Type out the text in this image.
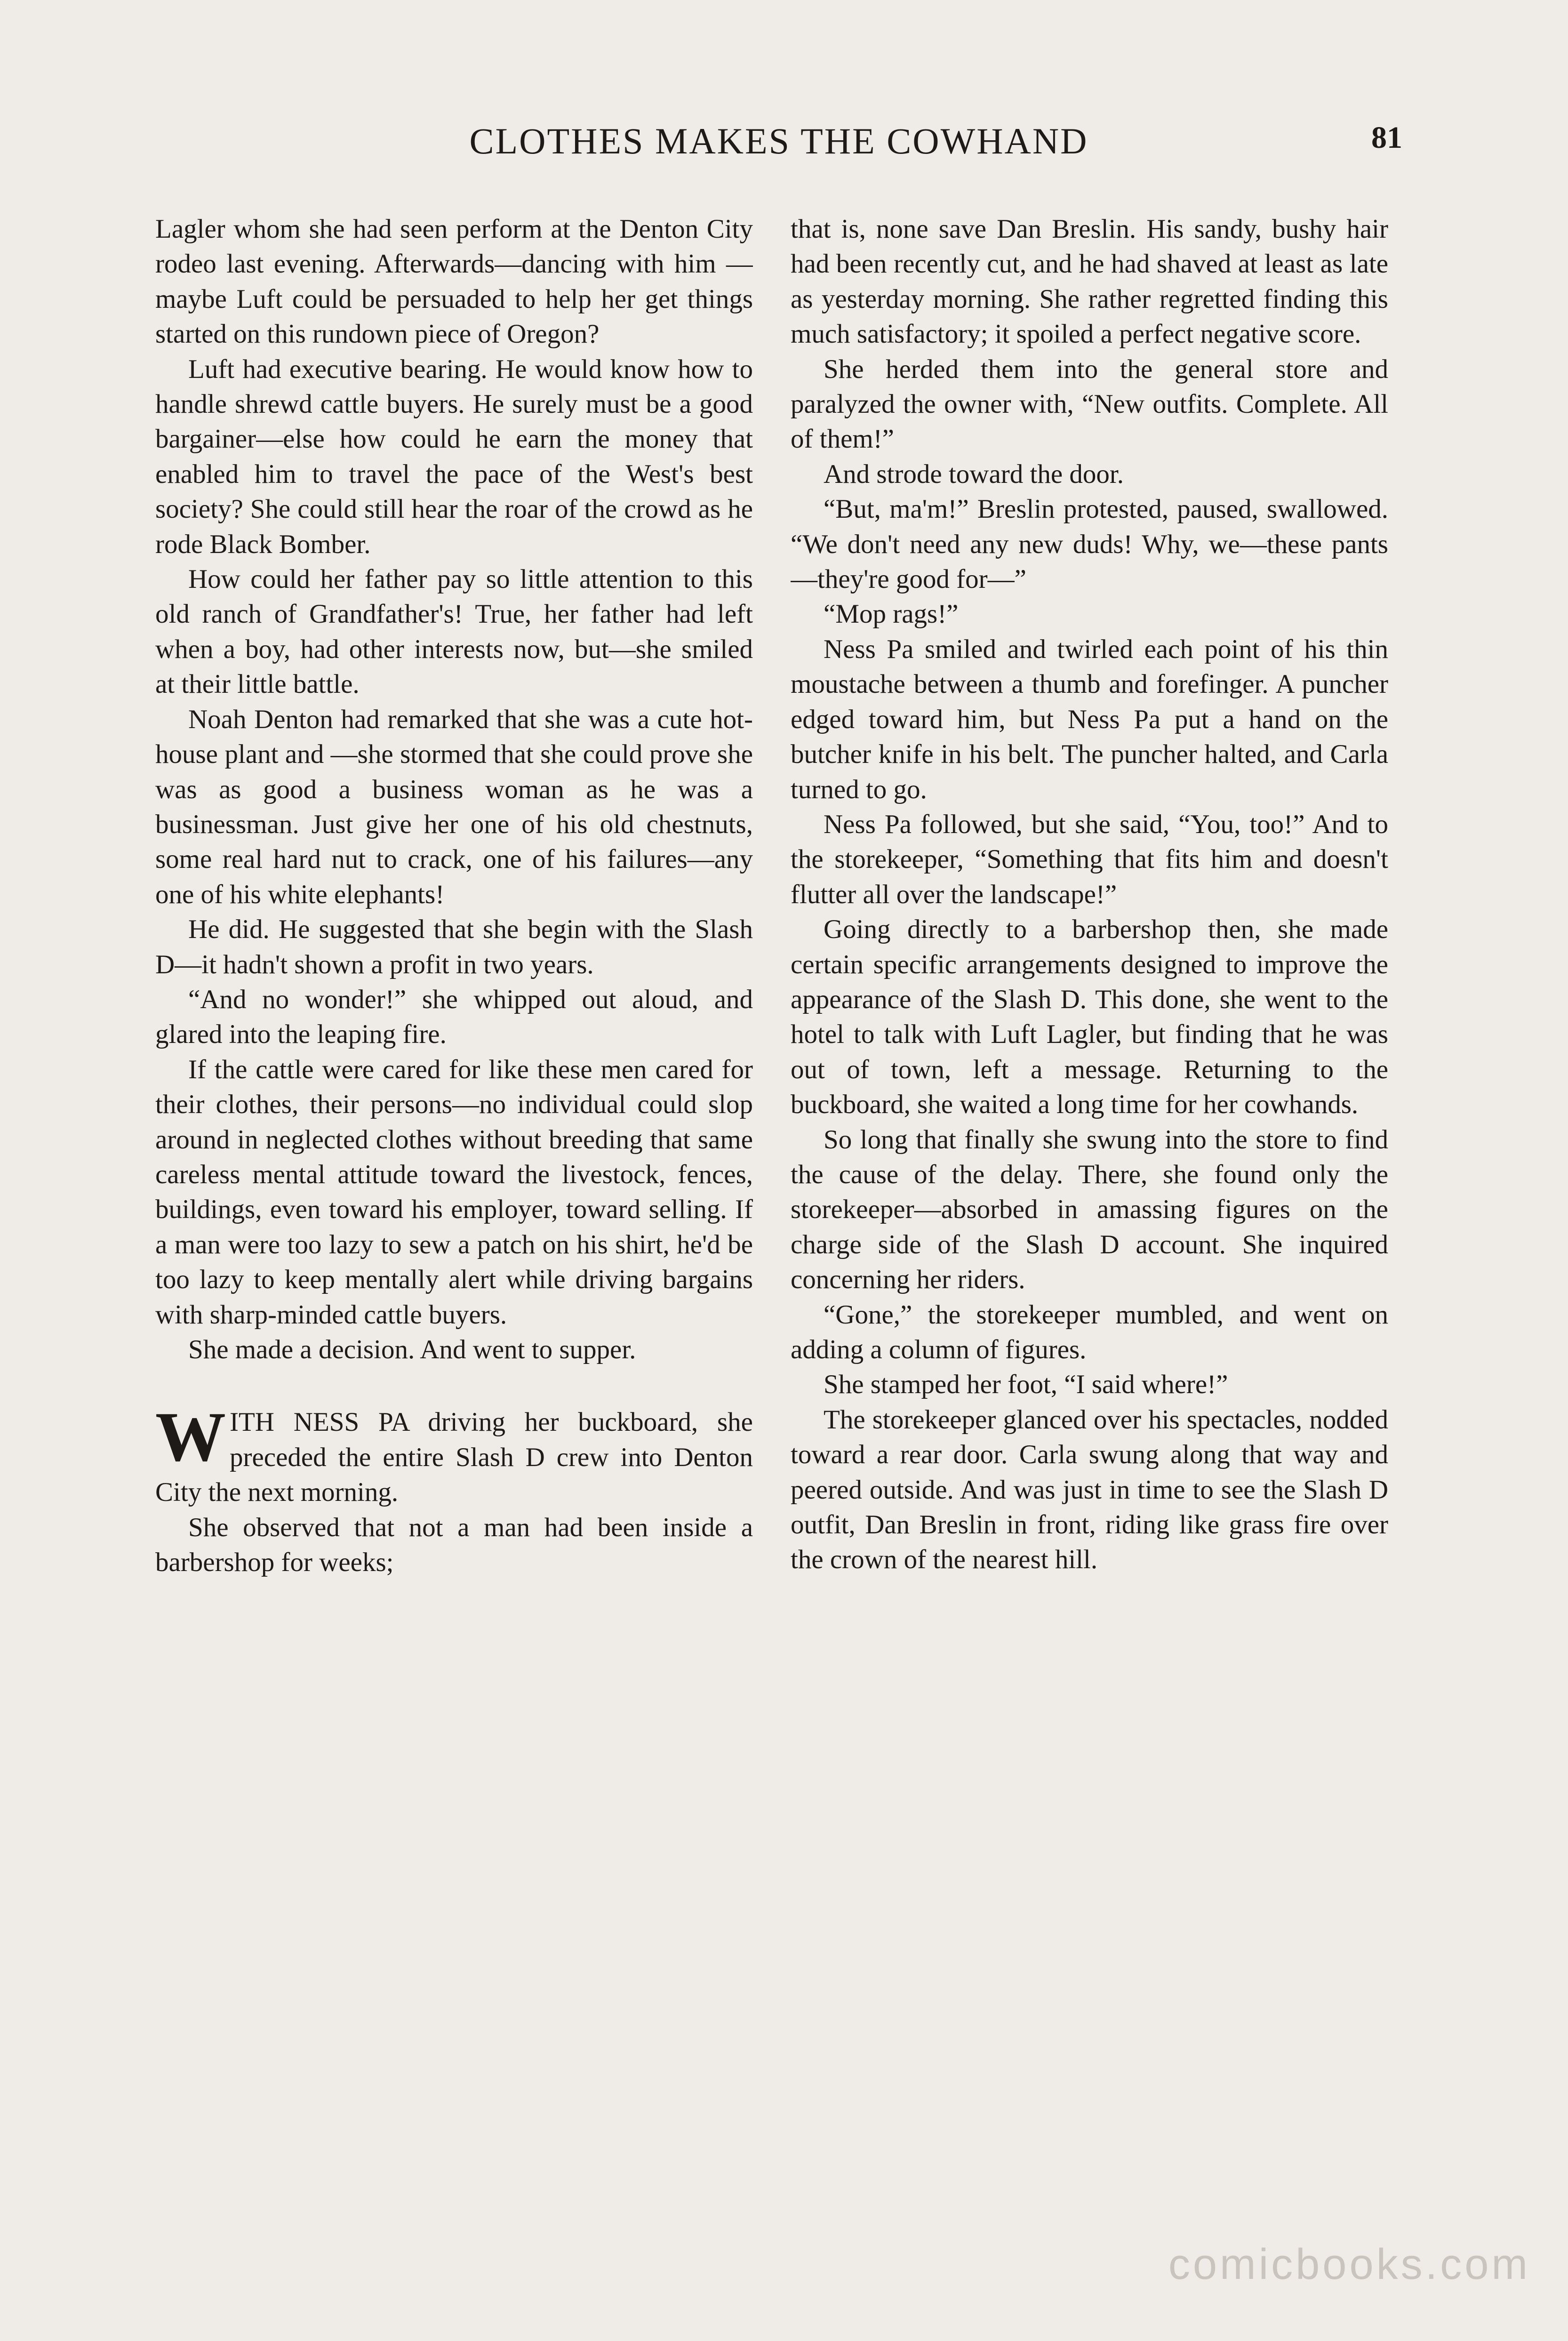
CLOTHES MAKES THE COWHAND	81

Lagler whom she had seen perform at the Denton City rodeo last evening. Afterwards—dancing with him —maybe Luft could be persuaded to help her get things started on this rundown piece of Oregon?

Luft had executive bearing. He would know how to handle shrewd cattle buyers. He surely must be a good bargainer—else how could he earn the money that enabled him to travel the pace of the West's best society? She could still hear the roar of the crowd as he rode Black Bomber.

How could her father pay so little attention to this old ranch of Grandfather's! True, her father had left when a boy, had other interests now, but—she smiled at their little battle.

Noah Denton had remarked that she was a cute hot-house plant and —she stormed that she could prove she was as good a business woman as he was a businessman. Just give her one of his old chestnuts, some real hard nut to crack, one of his failures—any one of his white elephants!

He did. He suggested that she begin with the Slash D—it hadn't shown a profit in two years.

“And no wonder!” she whipped out aloud, and glared into the leaping fire.

If the cattle were cared for like these men cared for their clothes, their persons—no individual could slop around in neglected clothes without breeding that same careless mental attitude toward the livestock, fences, buildings, even toward his employer, toward selling. If a man were too lazy to sew a patch on his shirt, he'd be too lazy to keep mentally alert while driving bargains with sharp-minded cattle buyers.

She made a decision. And went to supper.

W ITH NESS PA driving her buckboard, she preceded the entire Slash D crew into Denton City the next morning.

She observed that not a man had been inside a barbershop for weeks;

that is, none save Dan Breslin. His sandy, bushy hair had been recently cut, and he had shaved at least as late as yesterday morning. She rather regretted finding this much satisfactory; it spoiled a perfect negative score.

She herded them into the general store and paralyzed the owner with, “New outfits. Complete. All of them!”

And strode toward the door.

“But, ma'm!” Breslin protested, paused, swallowed. “We don't need any new duds! Why, we—these pants—they're good for—”

“Mop rags!”

Ness Pa smiled and twirled each point of his thin moustache between a thumb and forefinger. A puncher edged toward him, but Ness Pa put a hand on the butcher knife in his belt. The puncher halted, and Carla turned to go.

Ness Pa followed, but she said, “You, too!” And to the storekeeper, “Something that fits him and doesn't flutter all over the landscape!”

Going directly to a barbershop then, she made certain specific arrangements designed to improve the appearance of the Slash D. This done, she went to the hotel to talk with Luft Lagler, but finding that he was out of town, left a message. Returning to the buckboard, she waited a long time for her cowhands.

So long that finally she swung into the store to find the cause of the delay. There, she found only the storekeeper—absorbed in amassing figures on the charge side of the Slash D account. She inquired concerning her riders.

“Gone,” the storekeeper mumbled, and went on adding a column of figures.

She stamped her foot, “I said where!”

The storekeeper glanced over his spectacles, nodded toward a rear door. Carla swung along that way and peered outside. And was just in time to see the Slash D outfit, Dan Breslin in front, riding like grass fire over the crown of the nearest hill.

comicbooks.com
